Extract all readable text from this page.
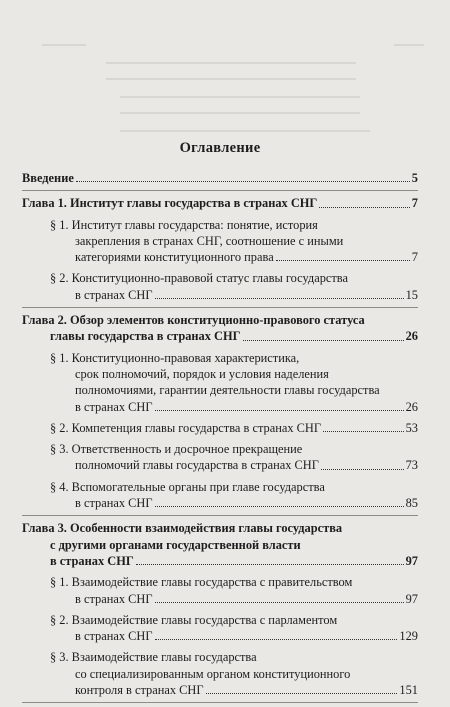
Оглавление
Введение	5
Глава 1. Институт главы государства в странах СНГ	7
§ 1. Институт главы государства: понятие, история
закрепления в странах СНГ, соотношение с иными
категориями конституционного права	7
§ 2. Конституционно-правовой статус главы государства
в странах СНГ	15
Глава 2. Обзор элементов конституционно-правового статуса
главы государства в странах СНГ	26
§ 1. Конституционно-правовая характеристика,
срок полномочий, порядок и условия наделения
полномочиями, гарантии деятельности главы государства
в странах СНГ	26
§ 2. Компетенция главы государства в странах СНГ	53
§ 3. Ответственность и досрочное прекращение
полномочий главы государства в странах СНГ	73
§ 4. Вспомогательные органы при главе государства
в странах СНГ	85
Глава 3. Особенности взаимодействия главы государства
с другими органами государственной власти
в странах СНГ	97
§ 1. Взаимодействие главы государства с правительством
в странах СНГ	97
§ 2. Взаимодействие главы государства с парламентом
в странах СНГ	129
§ 3. Взаимодействие главы государства
со специализированным органом конституционного
контроля в странах СНГ	151
